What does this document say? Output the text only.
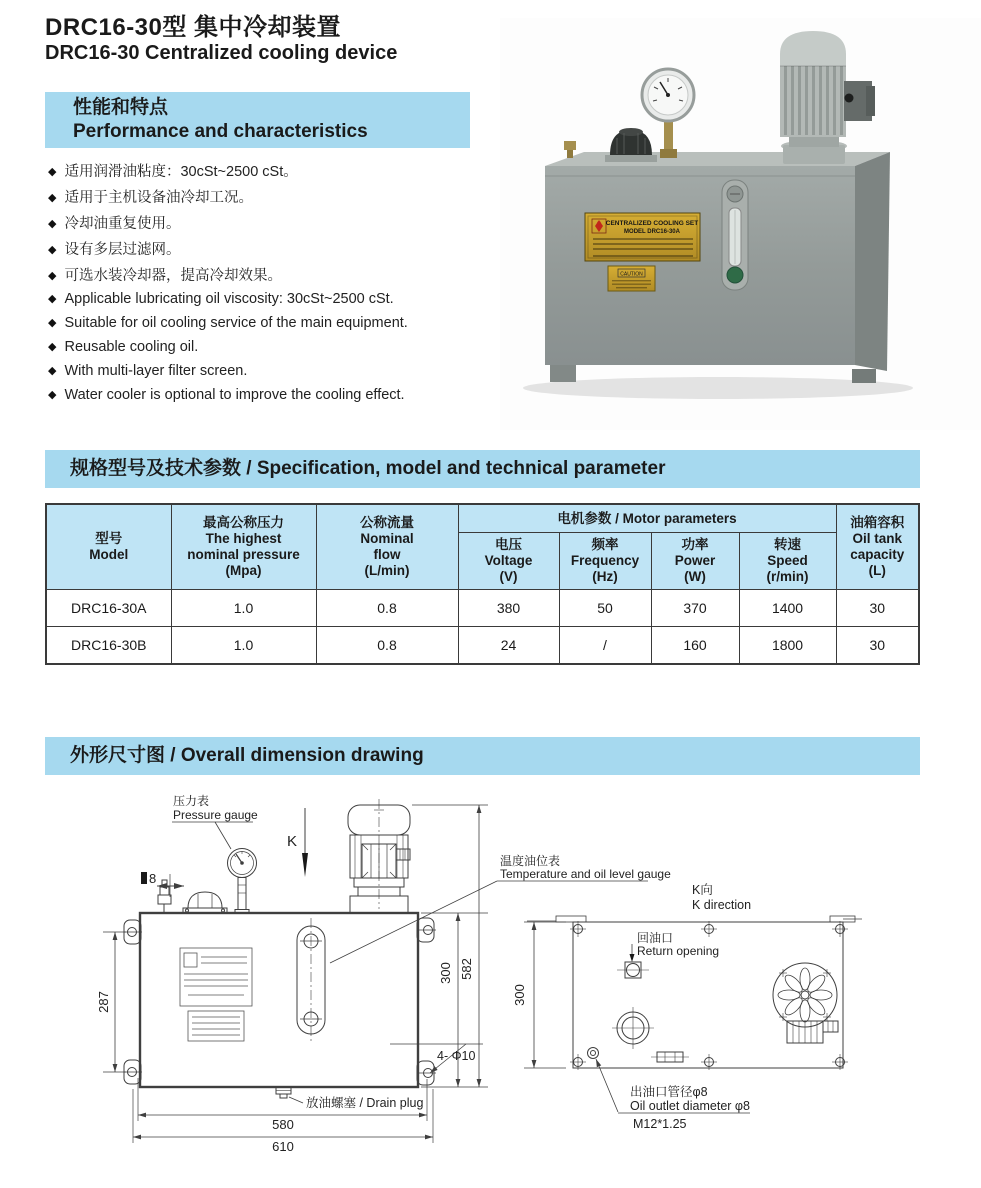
DRC16-30型 集中冷却装置
DRC16-30 Centralized cooling device
性能和特点
Performance and characteristics
◆ 适用润滑油粘度：30cSt~2500 cSt。
◆ 适用于主机设备油冷却工况。
◆ 冷却油重复使用。
◆ 设有多层过滤网。
◆ 可选水装冷却器，提高冷却效果。
◆ Applicable lubricating oil viscosity: 30cSt~2500 cSt.
◆ Suitable for oil cooling service of the main equipment.
◆ Reusable cooling oil.
◆ With multi-layer filter screen.
◆ Water cooler is optional to improve the cooling effect.
CENTRALIZED COOLING SET
MODEL DRC16-30A
CAUTION
规格型号及技术参数 / Specification, model and technical parameter
型号
Model	最高公称压力
The highest
nominal pressure
(Mpa)	公称流量
Nominal
flow
(L/min)	电机参数 / Motor parameters				油箱容积
Oil tank
capacity
(L)
			电压
Voltage
(V)	频率
Frequency
(Hz)	功率
Power
(W)	转速
Speed
(r/min)	
DRC16-30A	1.0	0.8	380	50	370	1400	30
DRC16-30B	1.0	0.8	24	/	160	1800	30
外形尺寸图 / Overall dimension drawing
8
压力表
Pressure gauge
K
温度油位表
Temperature and oil level gauge
300 582
4- Φ10
放油螺塞 / Drain plug
580
610
287
K向
K direction
回油口
Return opening
出油口管径φ8
Oil outlet diameter φ8
M12*1.25
300
